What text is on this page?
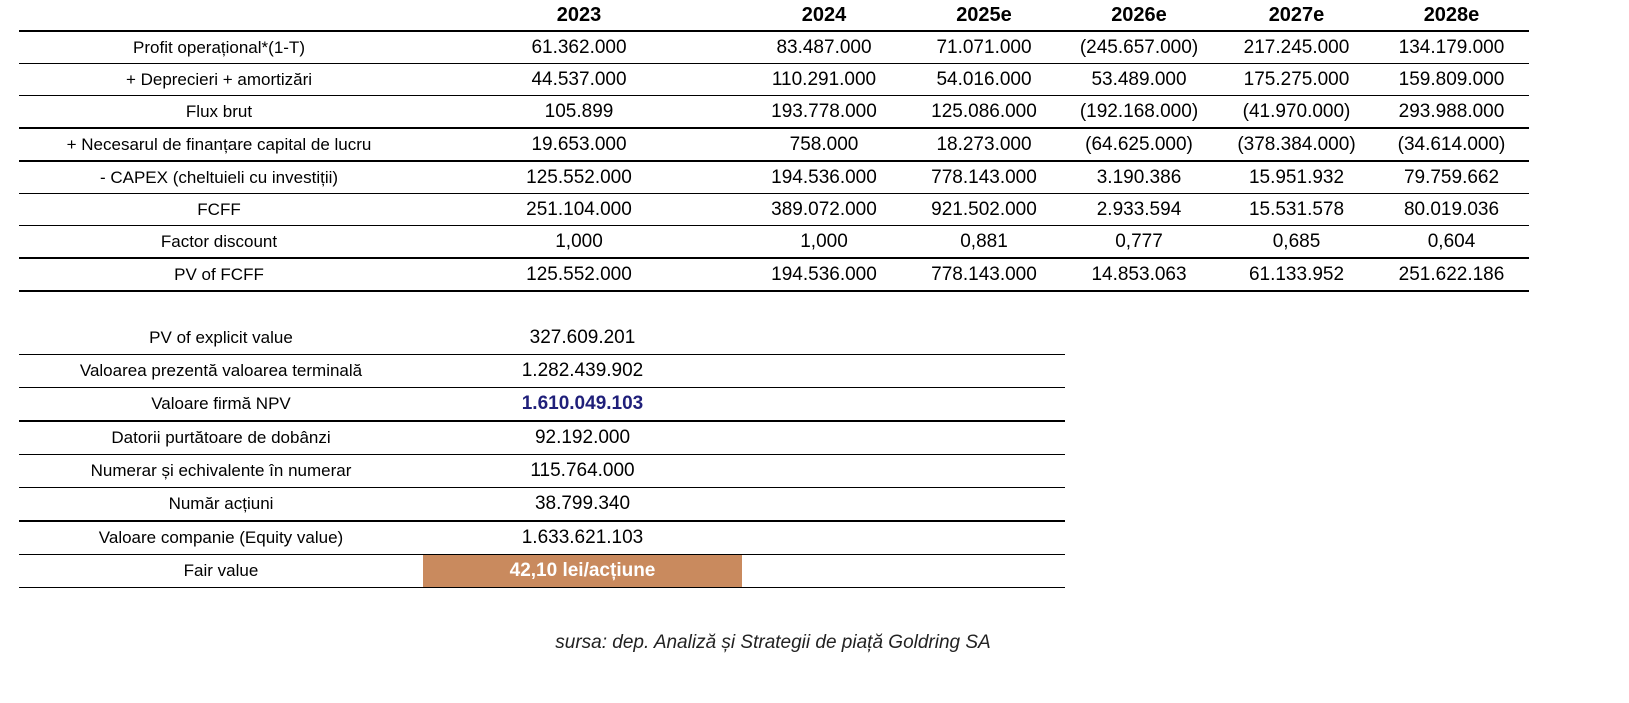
	2023	2024	2025e	2026e	2027e	2028e
Profit operațional*(1-T)	61.362.000	83.487.000	71.071.000	(245.657.000)	217.245.000	134.179.000
+ Deprecieri + amortizări	44.537.000	110.291.000	54.016.000	53.489.000	175.275.000	159.809.000
Flux brut	105.899	193.778.000	125.086.000	(192.168.000)	(41.970.000)	293.988.000
+ Necesarul de finanțare capital de lucru	19.653.000	758.000	18.273.000	(64.625.000)	(378.384.000)	(34.614.000)
- CAPEX (cheltuieli cu investiții)	125.552.000	194.536.000	778.143.000	3.190.386	15.951.932	79.759.662
FCFF	251.104.000	389.072.000	921.502.000	2.933.594	15.531.578	80.019.036
Factor discount	1,000	1,000	0,881	0,777	0,685	0,604
PV of FCFF	125.552.000	194.536.000	778.143.000	14.853.063	61.133.952	251.622.186
PV of explicit value	327.609.201	
Valoarea prezentă valoarea terminală	1.282.439.902	
Valoare firmă NPV	1.610.049.103	
Datorii purtătoare de dobânzi	92.192.000	
Numerar și echivalente în numerar	115.764.000	
Număr acțiuni	38.799.340	
Valoare companie (Equity value)	1.633.621.103	
Fair value	42,10 lei/acțiune	
sursa: dep. Analiză și Strategii de piață Goldring SA
